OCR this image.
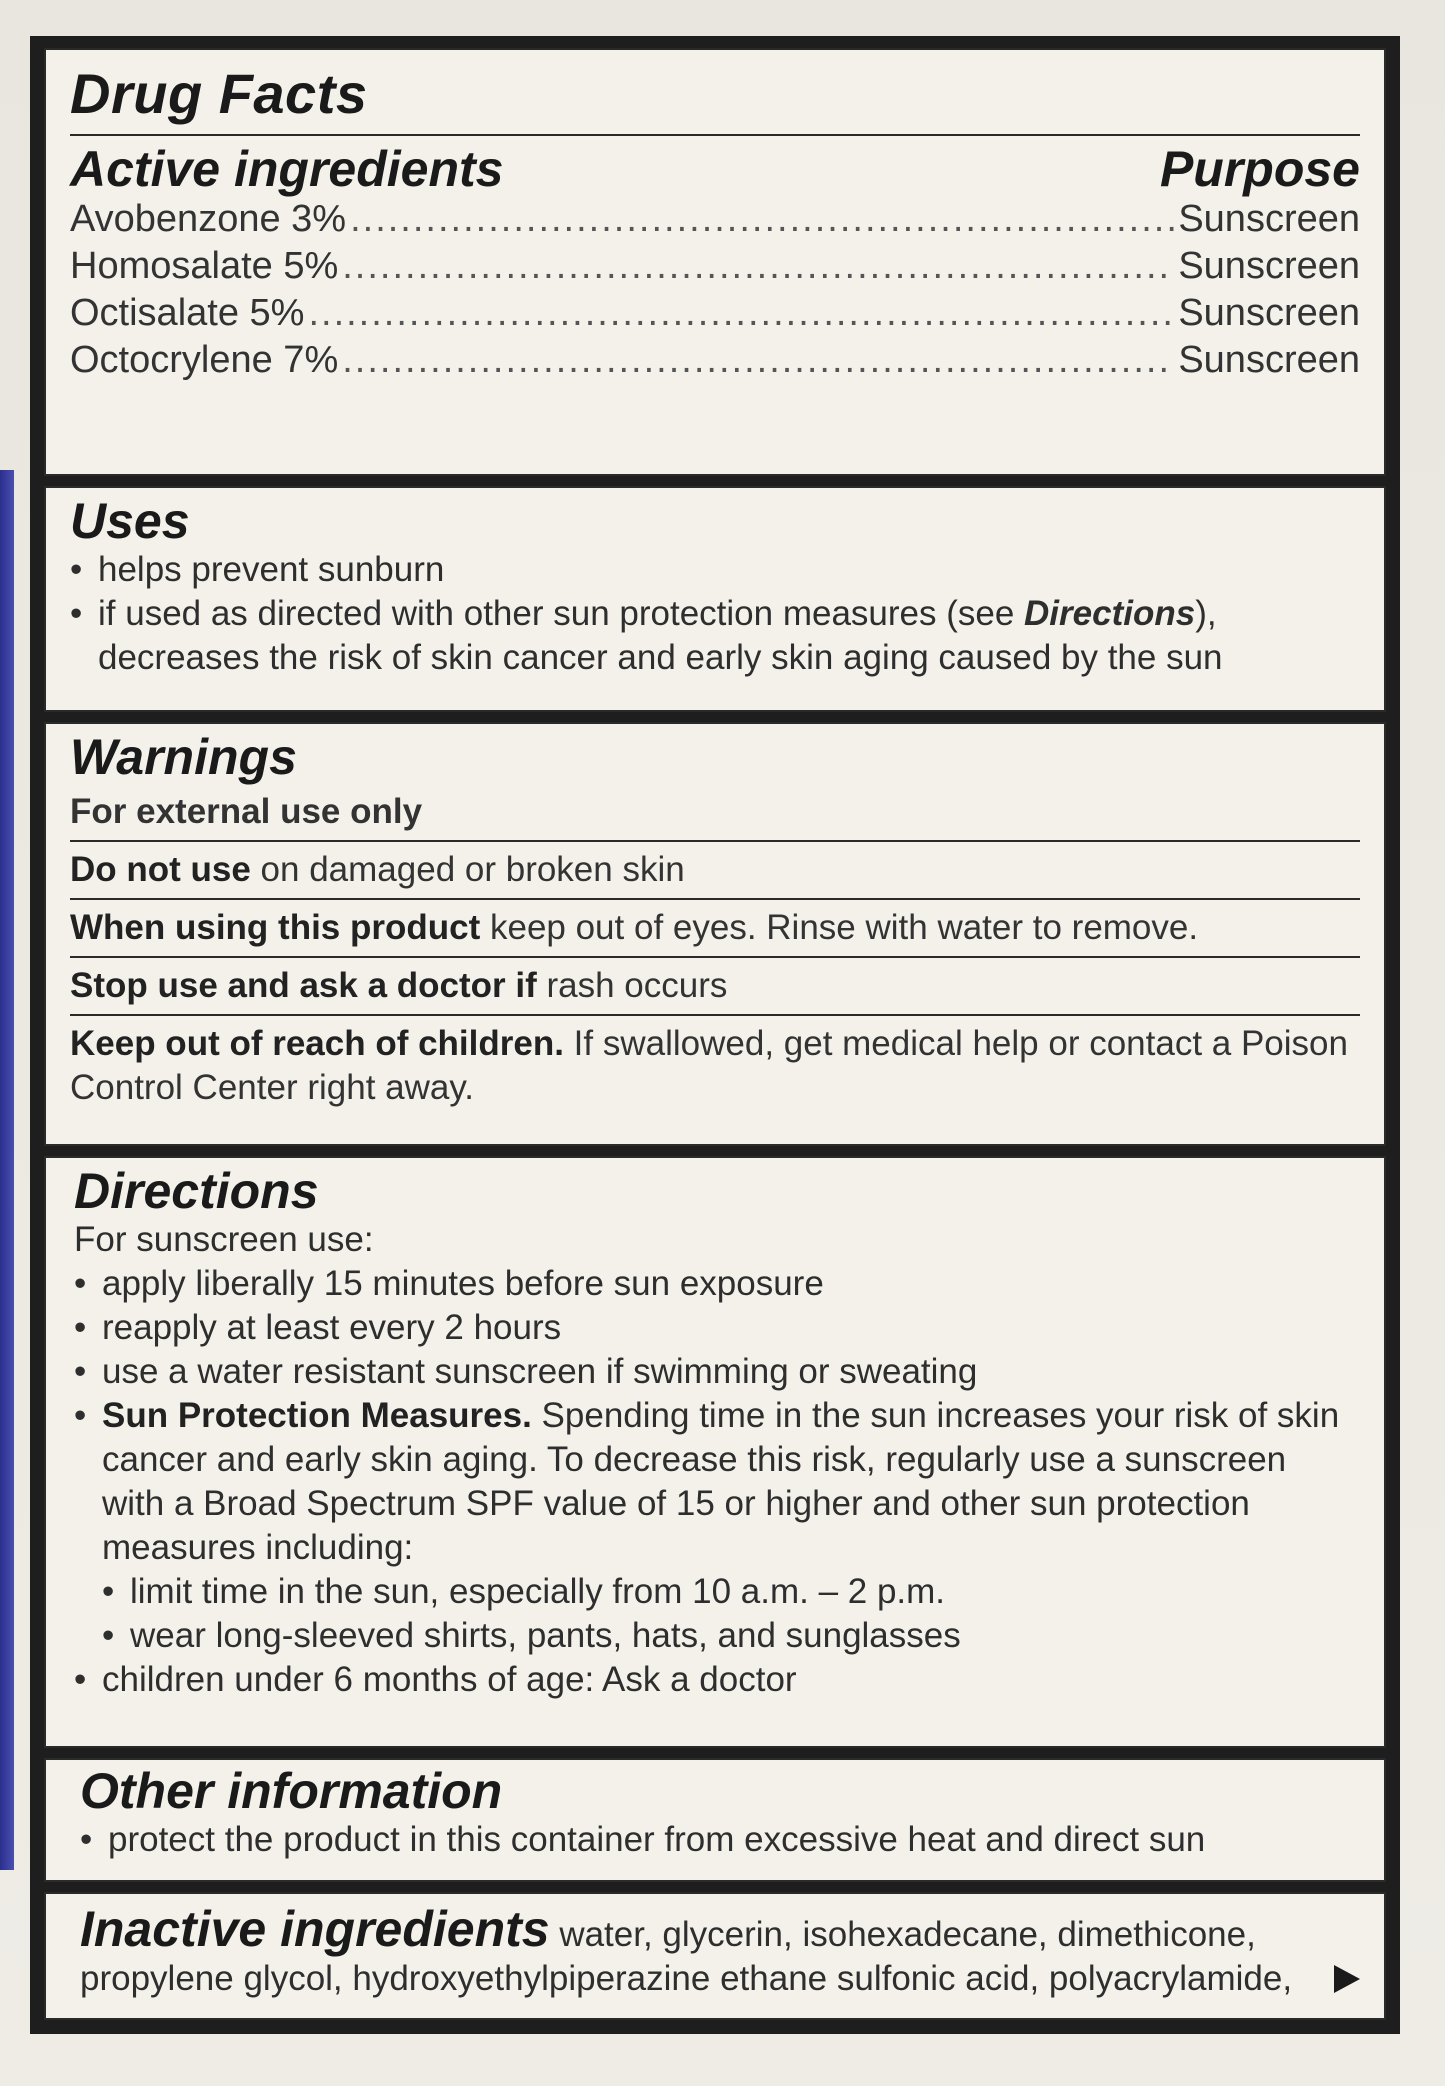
Drug Facts
Active ingredients	Purpose
Avobenzone 3% .....	Sunscreen
Homosalate 5% .....	Sunscreen
Octisalate 5% .....	Sunscreen
Octocrylene 7% .....	Sunscreen
Uses
• helps prevent sunburn
• if used as directed with other sun protection measures (see Directions),
decreases the risk of skin cancer and early skin aging caused by the sun
Warnings
For external use only
Do not use on damaged or broken skin
When using this product keep out of eyes. Rinse with water to remove.
Stop use and ask a doctor if rash occurs
Keep out of reach of children. If swallowed, get medical help or contact a Poison Control Center right away.
Directions
For sunscreen use:
• apply liberally 15 minutes before sun exposure
• reapply at least every 2 hours
• use a water resistant sunscreen if swimming or sweating
• Sun Protection Measures. Spending time in the sun increases your risk of skin cancer and early skin aging. To decrease this risk, regularly use a sunscreen with a Broad Spectrum SPF value of 15 or higher and other sun protection measures including:
• limit time in the sun, especially from 10 a.m. – 2 p.m.
• wear long-sleeved shirts, pants, hats, and sunglasses
• children under 6 months of age: Ask a doctor
Other information
• protect the product in this container from excessive heat and direct sun
Inactive ingredients water, glycerin, isohexadecane, dimethicone,
propylene glycol, hydroxyethylpiperazine ethane sulfonic acid, polyacrylamide,
